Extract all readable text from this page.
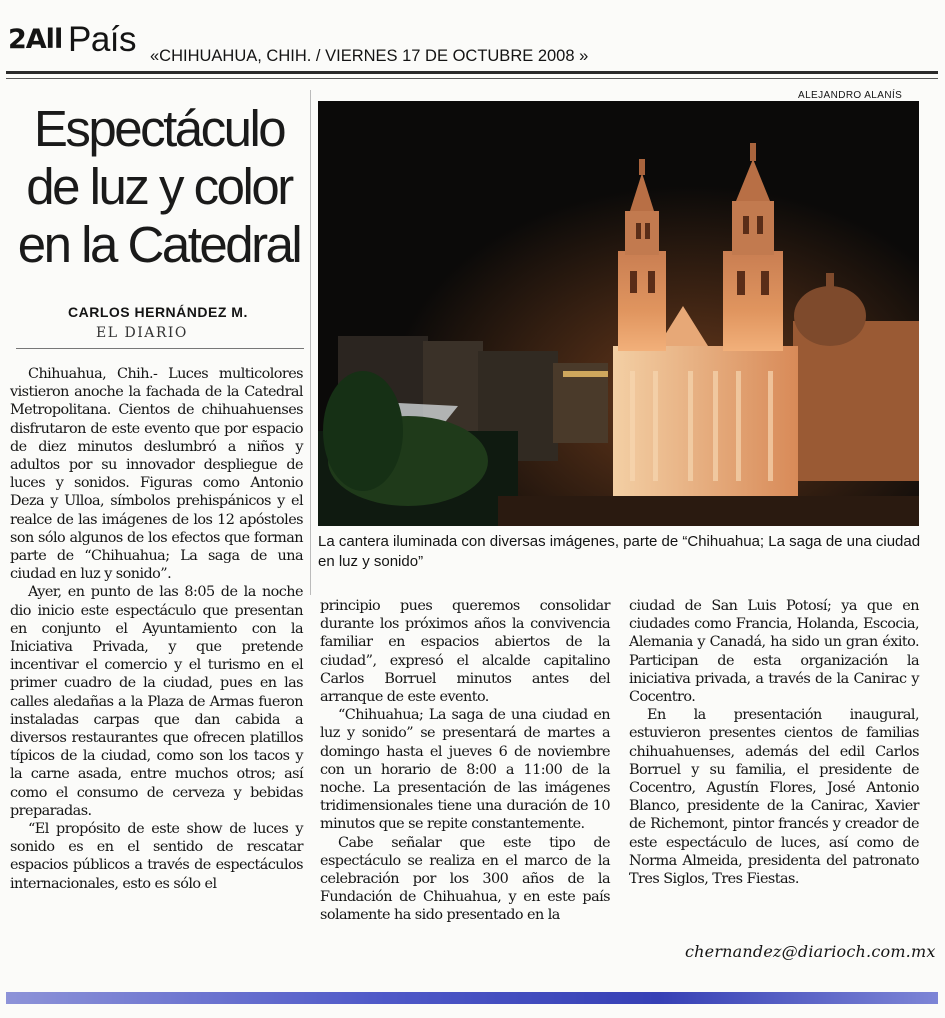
2All País «CHIHUAHUA, CHIH. / VIERNES 17 DE OCTUBRE 2008 »
Espectáculo de luz y color en la Catedral
CARLOS HERNÁNDEZ M.
EL DIARIO
ALEJANDRO ALANÍS
La cantera iluminada con diversas imágenes, parte de “Chihuahua; La saga de una ciudad en luz y sonido”

Chihuahua, Chih.- Luces multicolores vistieron anoche la fachada de la Catedral Metropolitana. Cientos de chihuahuenses disfrutaron de este evento que por espacio de diez minutos deslumbró a niños y adultos por su innovador despliegue de luces y sonidos. Figuras como Antonio Deza y Ulloa, símbolos prehispánicos y el realce de las imágenes de los 12 apóstoles son sólo algunos de los efectos que forman parte de “Chihuahua; La saga de una ciudad en luz y sonido”.

Ayer, en punto de las 8:05 de la noche dio inicio este espectáculo que presentan en conjunto el Ayuntamiento con la Iniciativa Privada, y que pretende incentivar el comercio y el turismo en el primer cuadro de la ciudad, pues en las calles aledañas a la Plaza de Armas fueron instaladas carpas que dan cabida a diversos restaurantes que ofrecen platillos típicos de la ciudad, como son los tacos y la carne asada, entre muchos otros; así como el consumo de cerveza y bebidas preparadas.

“El propósito de este show de luces y sonido es en el sentido de rescatar espacios públicos a través de espectáculos internacionales, esto es sólo el

principio pues queremos consolidar durante los próximos años la convivencia familiar en espacios abiertos de la ciudad”, expresó el alcalde capitalino Carlos Borruel minutos antes del arranque de este evento.

“Chihuahua; La saga de una ciudad en luz y sonido” se presentará de martes a domingo hasta el jueves 6 de noviembre con un horario de 8:00 a 11:00 de la noche. La presentación de las imágenes tridimensionales tiene una duración de 10 minutos que se repite constantemente.

Cabe señalar que este tipo de espectáculo se realiza en el marco de la celebración por los 300 años de la Fundación de Chihuahua, y en este país solamente ha sido presentado en la

ciudad de San Luis Potosí; ya que en ciudades como Francia, Holanda, Escocia, Alemania y Canadá, ha sido un gran éxito. Participan de esta organización la iniciativa privada, a través de la Canirac y Cocentro.

En la presentación inaugural, estuvieron presentes cientos de familias chihuahuenses, además del edil Carlos Borruel y su familia, el presidente de Cocentro, Agustín Flores, José Antonio Blanco, presidente de la Canirac, Xavier de Richemont, pintor francés y creador de este espectáculo de luces, así como de Norma Almeida, presidenta del patronato Tres Siglos, Tres Fiestas.

chernandez@diarioch.com.mx
